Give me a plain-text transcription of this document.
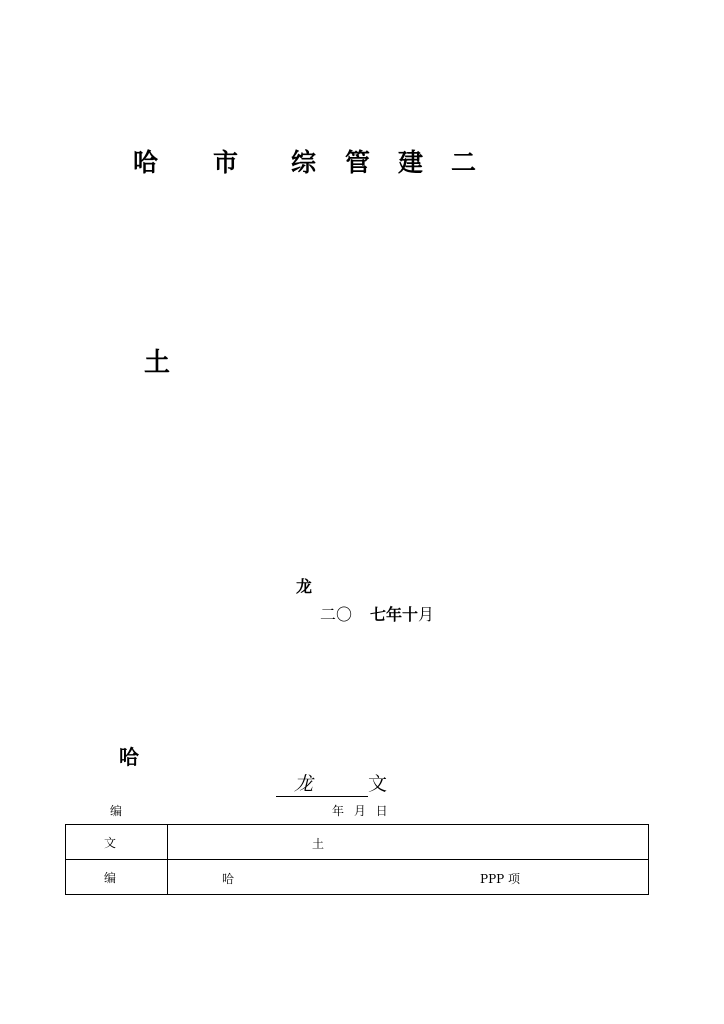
哈 市 综 管 建 二
土
龙
二〇 七年十月
哈
龙	文
编	年 月 日
文	土

编	哈 PPP 项
